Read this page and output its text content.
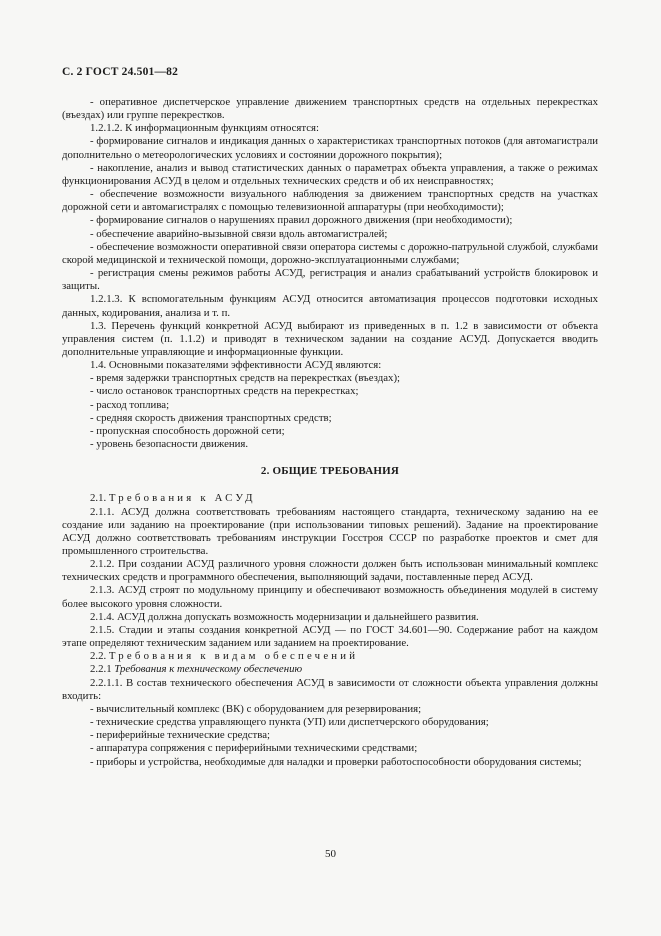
С. 2 ГОСТ 24.501—82

- оперативное диспетчерское управление движением транспортных средств на отдельных перекрестках (въездах) или группе перекрестков.

1.2.1.2. К информационным функциям относятся:

- формирование сигналов и индикация данных о характеристиках транспортных потоков (для автомагистрали дополнительно о метеорологических условиях и состоянии дорожного покрытия);

- накопление, анализ и вывод статистических данных о параметрах объекта управления, а также о режимах функционирования АСУД в целом и отдельных технических средств и об их неисправностях;

- обеспечение возможности визуального наблюдения за движением транспортных средств на участках дорожной сети и автомагистралях с помощью телевизионной аппаратуры (при необходимости);

- формирование сигналов о нарушениях правил дорожного движения (при необходимости);

- обеспечение аварийно-вызывной связи вдоль автомагистралей;

- обеспечение возможности оперативной связи оператора системы с дорожно-патрульной службой, службами скорой медицинской и технической помощи, дорожно-эксплуатационными службами;

- регистрация смены режимов работы АСУД, регистрация и анализ срабатываний устройств блокировок и защиты.

1.2.1.3. К вспомогательным функциям АСУД относится автоматизация процессов подготовки исходных данных, кодирования, анализа и т. п.

1.3. Перечень функций конкретной АСУД выбирают из приведенных в п. 1.2 в зависимости от объекта управления систем (п. 1.1.2) и приводят в техническом задании на создание АСУД. Допускается вводить дополнительные управляющие и информационные функции.

1.4. Основными показателями эффективности АСУД являются:

- время задержки транспортных средств на перекрестках (въездах);

- число остановок транспортных средств на перекрестках;

- расход топлива;

- средняя скорость движения транспортных средств;

- пропускная способность дорожной сети;

- уровень безопасности движения.

2. ОБЩИЕ ТРЕБОВАНИЯ

2.1. Требования к АСУД

2.1.1. АСУД должна соответствовать требованиям настоящего стандарта, техническому заданию на ее создание или заданию на проектирование (при использовании типовых решений). Задание на проектирование АСУД должно соответствовать требованиям инструкции Госстроя СССР по разработке проектов и смет для промышленного строительства.

2.1.2. При создании АСУД различного уровня сложности должен быть использован минимальный комплекс технических средств и программного обеспечения, выполняющий задачи, поставленные перед АСУД.

2.1.3. АСУД строят по модульному принципу и обеспечивают возможность объединения модулей в систему более высокого уровня сложности.

2.1.4. АСУД должна допускать возможность модернизации и дальнейшего развития.

2.1.5. Стадии и этапы создания конкретной АСУД — по ГОСТ 34.601—90. Содержание работ на каждом этапе определяют техническим заданием или заданием на проектирование.

2.2. Требования к видам обеспечений

2.2.1 Требования к техническому обеспечению

2.2.1.1. В состав технического обеспечения АСУД в зависимости от сложности объекта управления должны входить:

- вычислительный комплекс (ВК) с оборудованием для резервирования;

- технические средства управляющего пункта (УП) или диспетчерского оборудования;

- периферийные технические средства;

- аппаратура сопряжения с периферийными техническими средствами;

- приборы и устройства, необходимые для наладки и проверки работоспособности оборудования системы;

50
